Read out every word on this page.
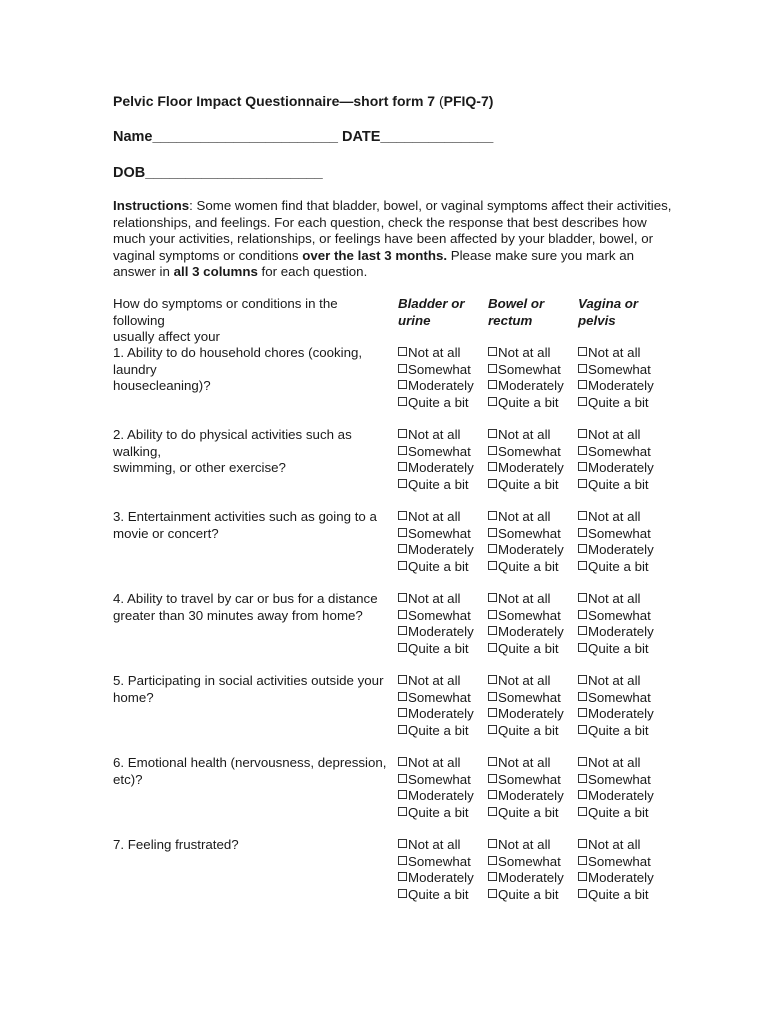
Pelvic Floor Impact Questionnaire—short form 7 (PFIQ-7)
Name_______________________ DATE______________
DOB______________________
Instructions: Some women find that bladder, bowel, or vaginal symptoms affect their activities, relationships, and feelings. For each question, check the response that best describes how much your activities, relationships, or feelings have been affected by your bladder, bowel, or vaginal symptoms or conditions over the last 3 months. Please make sure you mark an answer in all 3 columns for each question.
How do symptoms or conditions in the following
usually affect your
Bladder or urine
Bowel or rectum
Vagina or pelvis
1. Ability to do household chores (cooking, laundry
housecleaning)?
Not at all
Somewhat
Moderately
Quite a bit
Not at all
Somewhat
Moderately
Quite a bit
Not at all
Somewhat
Moderately
Quite a bit
2. Ability to do physical activities such as walking,
swimming, or other exercise?
Not at all
Somewhat
Moderately
Quite a bit
Not at all
Somewhat
Moderately
Quite a bit
Not at all
Somewhat
Moderately
Quite a bit
3. Entertainment activities such as going to a
movie or concert?
Not at all
Somewhat
Moderately
Quite a bit
Not at all
Somewhat
Moderately
Quite a bit
Not at all
Somewhat
Moderately
Quite a bit
4. Ability to travel by car or bus for a distance
greater than 30 minutes away from home?
Not at all
Somewhat
Moderately
Quite a bit
Not at all
Somewhat
Moderately
Quite a bit
Not at all
Somewhat
Moderately
Quite a bit
5. Participating in social activities outside your
home?
Not at all
Somewhat
Moderately
Quite a bit
Not at all
Somewhat
Moderately
Quite a bit
Not at all
Somewhat
Moderately
Quite a bit
6. Emotional health (nervousness, depression,
etc)?
Not at all
Somewhat
Moderately
Quite a bit
Not at all
Somewhat
Moderately
Quite a bit
Not at all
Somewhat
Moderately
Quite a bit
7. Feeling frustrated?	Not at all
Somewhat
Moderately
Quite a bit
Not at all
Somewhat
Moderately
Quite a bit
Not at all
Somewhat
Moderately
Quite a bit
